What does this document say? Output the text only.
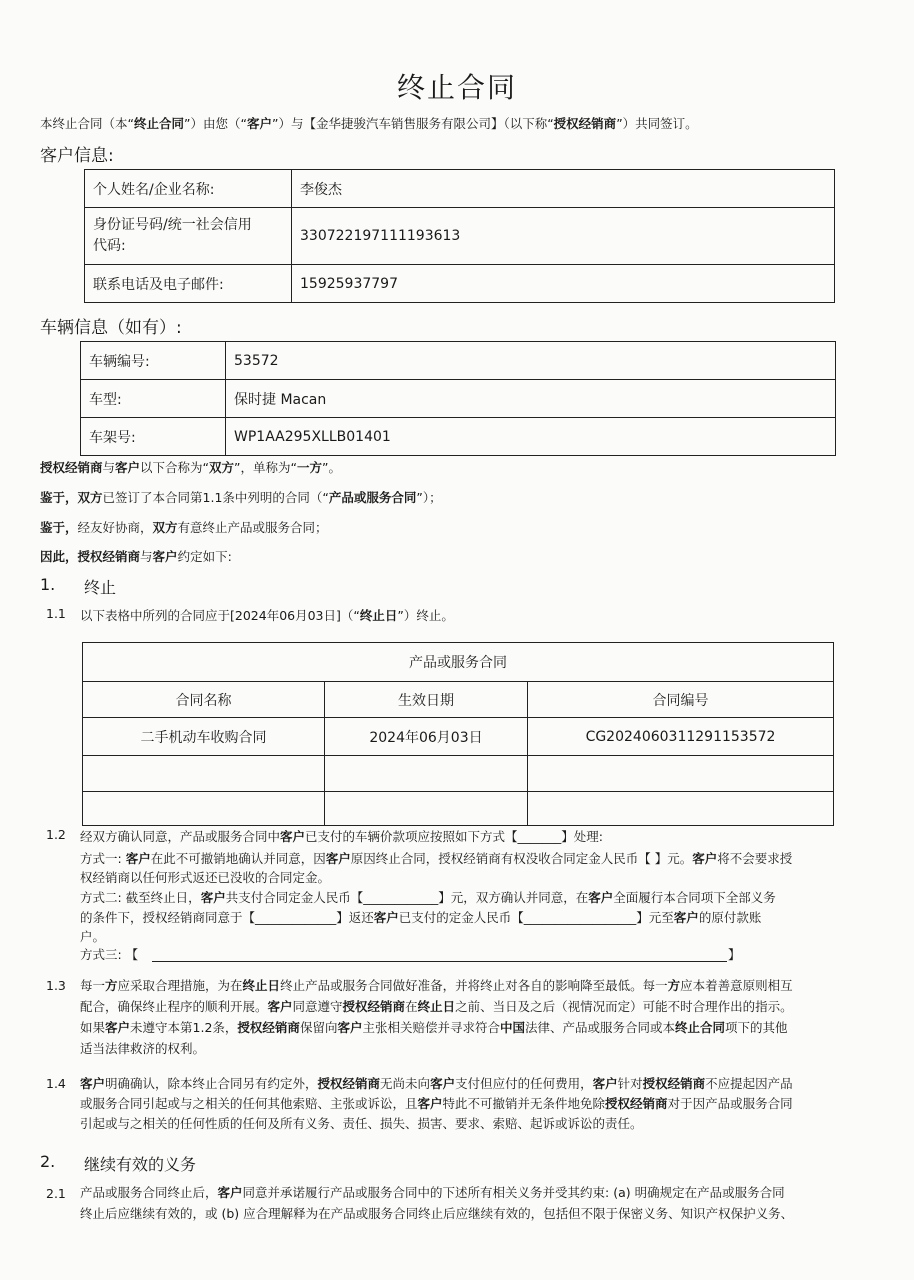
终止合同
本终止合同（本“终止合同”）由您（“客户”）与【金华捷骏汽车销售服务有限公司】（以下称“授权经销商”）共同签订。
客户信息:
个人姓名/企业名称:	李俊杰
身份证号码/统一社会信用
代码:	330722197111193613
联系电话及电子邮件:	15925937797
车辆信息（如有）:
车辆编号:	53572
车型:	保时捷 Macan
车架号:	WP1AA295XLLB01401
授权经销商与客户以下合称为“双方”，单称为“一方”。
鉴于，双方已签订了本合同第1.1条中列明的合同（“产品或服务合同”）；
鉴于，经友好协商，双方有意终止产品或服务合同；
因此，授权经销商与客户约定如下:
1. 终止
1.1 以下表格中所列的合同应于[2024年06月03日]（“终止日”）终止。
产品或服务合同		
合同名称	生效日期	合同编号
二手机动车收购合同	2024年06月03日	CG2024060311291153572

1.2 经双方确认同意，产品或服务合同中客户已支付的车辆价款项应按照如下方式【_______】处理:
方式一: 客户在此不可撤销地确认并同意，因客户原因终止合同，授权经销商有权没收合同定金人民币【 】元。客户将不会要求授
权经销商以任何形式返还已没收的合同定金。
方式二: 截至终止日，客户共支付合同定金人民币【____________】元，双方确认并同意，在客户全面履行本合同项下全部义务
的条件下，授权经销商同意于【_____________】返还客户已支付的定金人民币【__________________】元至客户的原付款账
户。
方式三: 【	】
1.3 每一方应采取合理措施，为在终止日终止产品或服务合同做好准备，并将终止对各自的影响降至最低。每一方应本着善意原则相互
配合，确保终止程序的顺利开展。客户同意遵守授权经销商在终止日之前、当日及之后（视情况而定）可能不时合理作出的指示。
如果客户未遵守本第1.2条，授权经销商保留向客户主张相关赔偿并寻求符合中国法律、产品或服务合同或本终止合同项下的其他
适当法律救济的权利。
1.4 客户明确确认，除本终止合同另有约定外，授权经销商无尚未向客户支付但应付的任何费用，客户针对授权经销商不应提起因产品
或服务合同引起或与之相关的任何其他索赔、主张或诉讼，且客户特此不可撤销并无条件地免除授权经销商对于因产品或服务合同
引起或与之相关的任何性质的任何及所有义务、责任、损失、损害、要求、索赔、起诉或诉讼的责任。
2. 继续有效的义务
2.1 产品或服务合同终止后，客户同意并承诺履行产品或服务合同中的下述所有相关义务并受其约束: (a) 明确规定在产品或服务合同
终止后应继续有效的，或 (b) 应合理解释为在产品或服务合同终止后应继续有效的，包括但不限于保密义务、知识产权保护义务、
